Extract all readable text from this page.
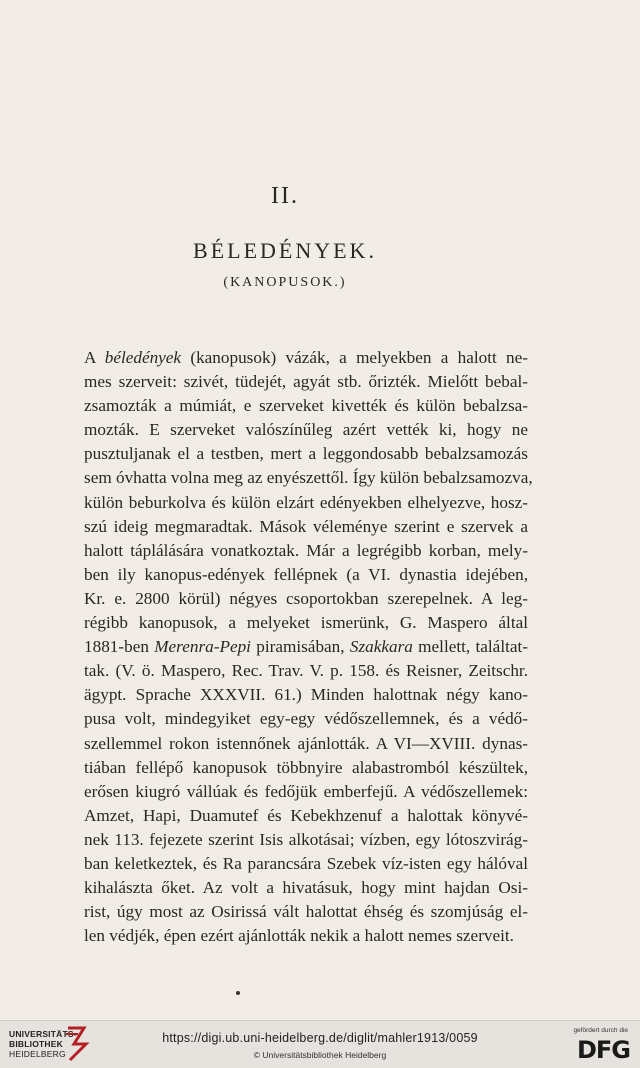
II.
BÉLEDÉNYEK.
(KANOPUSOK.)
A béledények (kanopusok) vázák, a melyekben a halott ne-
mes szerveit: szivét, tüdejét, agyát stb. őrizték. Mielőtt bebal-
zsamozták a múmiát, e szerveket kivették és külön bebalzsa-
mozták. E szerveket valószínűleg azért vették ki, hogy ne
pusztuljanak el a testben, mert a leggondosabb bebalzsamozás
sem óvhatta volna meg az enyészettől. Így külön bebalzsamozva,
külön beburkolva és külön elzárt edényekben elhelyezve, hosz-
szú ideig megmaradtak. Mások véleménye szerint e szervek a
halott táplálására vonatkoztak. Már a legrégibb korban, mely-
ben ily kanopus-edények fellépnek (a VI. dynastia idejében,
Kr. e. 2800 körül) négyes csoportokban szerepelnek. A leg-
régibb kanopusok, a melyeket ismerünk, G. Maspero által
1881-ben Merenra-Pepi piramisában, Szakkara mellett, találtat-
tak. (V. ö. Maspero, Rec. Trav. V. p. 158. és Reisner, Zeitschr.
ägypt. Sprache XXXVII. 61.) Minden halottnak négy kano-
pusa volt, mindegyiket egy-egy védőszellemnek, és a védő-
szellemmel rokon istennőnek ajánlották. A VI—XVIII. dynas-
tiában fellépő kanopusok többnyire alabastromból készültek,
erősen kiugró vállúak és fedőjük emberfejű. A védőszellemek:
Amzet, Hapi, Duamutef és Kebekhzenuf a halottak könyvé-
nek 113. fejezete szerint Isis alkotásai; vízben, egy lótoszvirág-
ban keletkeztek, és Ra parancsára Szebek víz-isten egy hálóval
kihalászta őket. Az volt a hivatásuk, hogy mint hajdan Osi-
rist, úgy most az Osirissá vált halottat éhség és szomjúság el-
len védjék, épen ezért ajánlották nekik a halott nemes szerveit.
UNIVERSITÄTS-
BIBLIOTHEK
HEIDELBERG
https://digi.ub.uni-heidelberg.de/diglit/mahler1913/0059
© Universitätsbibliothek Heidelberg
gefördert durch die
DFG
